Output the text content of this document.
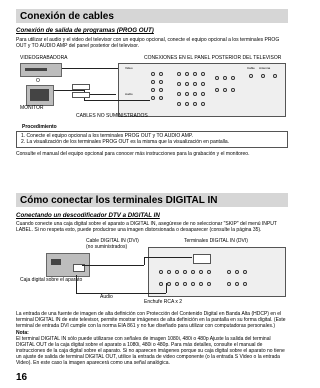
Conexión de cables
Conexión de salida de programas (PROG OUT)
Para utilizar el audio y el video del televisor con un equipo opcional, conecte el equipo opcional a los terminales PROG OUT y TO AUDIO AMP del panel posterior del televisor.
VIDEOGRABADORA
O
MONITOR
CONEXIONES EN EL PANEL POSTERIOR DEL TELEVISOR
Video
Audio
Cable Antenna
CABLES NO SUMINISTRADOS
Procedimiento
1. Conecte el equipo opcional a los terminales PROG OUT y TO AUDIO AMP.
2. La visualización de los terminales PROG OUT es la misma que la visualización en pantalla.
Consulte el manual del equipo opcional para conocer más instrucciones para la grabación y el monitoreo.
Cómo conectar los terminales DIGITAL IN
Conectando un descodificador DTV a DIGITAL IN
Cuando conecte una caja digital sobre el aparato a DIGITAL IN, asegúrese de no seleccionar "SKIP" del menú INPUT LABEL. Si no respeta esto, puede producirse una imagen distorsionada o desaparecer (consulte la página 35).
Cable DIGITAL IN (DVI)
(no suministrados)
Terminales DIGITAL IN (DVI)
Caja digital sobre el aparato
Audio
Enchufe RCA x 2
La entrada de una fuente de imagen de alta definición con Protección del Contenido Digital en Banda Alta (HDCP) en el terminal DIGITAL IN de este televisor, permite mostrar imágenes de alta definición en la pantalla en su forma digital. (Este terminal de entrada DVI cumple con la norma EIA 861 y no fue diseñado para utilizar con computadoras personales.)
Nota:
El terminal DIGITAL IN sólo puede utilizarse con señales de imagen 1080i, 480i o 480p Ajuste la salida del terminal DIGITAL OUT de la caja digital sobre el aparato a 1080i, 480i o 480p. Para más detalles, consulte el manual de instrucciones de la caja digital sobre el aparato. Si no aparecen imágenes porque su caja digital sobre el aparato no tiene un ajuste de salida de terminal DIGITAL OUT, utilice la entrada de video componente (o la entrada S Video o la entrada Video). En este caso la imagen aparecerá como una señal analógica.
16
